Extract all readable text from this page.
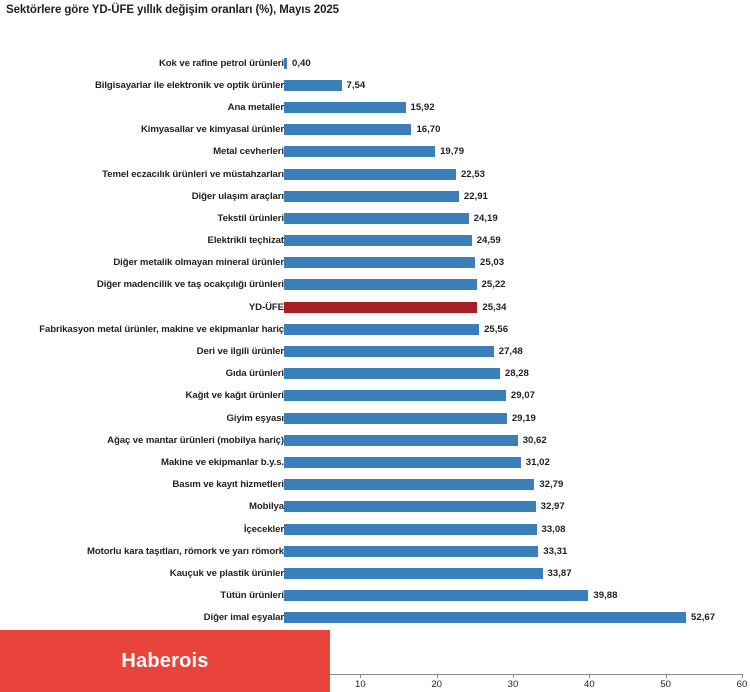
Sektörlere göre YD-ÜFE yıllık değişim oranları (%), Mayıs 2025
Kok ve rafine petrol ürünleri 0,40
Bilgisayarlar ile elektronik ve optik ürünler	7,54
Ana metaller	15,92
Kimyasallar ve kimyasal ürünler	16,70
Metal cevherleri	19,79
Temel eczacılık ürünleri ve müstahzarları	22,53
Diğer ulaşım araçları	22,91
Tekstil ürünleri	24,19
Elektrikli teçhizat	24,59
Diğer metalik olmayan mineral ürünler	25,03
Diğer madencilik ve taş ocakçılığı ürünleri	25,22
YD-ÜFE	25,34
Fabrikasyon metal ürünler, makine ve ekipmanlar hariç	25,56
Deri ve ilgili ürünler	27,48
Gıda ürünleri	28,28
Kağıt ve kağıt ürünleri	29,07
Giyim eşyası	29,19
Ağaç ve mantar ürünleri (mobilya hariç)	30,62
Makine ve ekipmanlar b.y.s.	31,02
Basım ve kayıt hizmetleri	32,79
Mobilya	32,97
İçecekler	33,08
Motorlu kara taşıtları, römork ve yarı römork	33,31
Kauçuk ve plastik ürünler	33,87
Tütün ürünleri	39,88
Diğer imal eşyalar	52,67
10	20	30	40	50	60
Haberois
